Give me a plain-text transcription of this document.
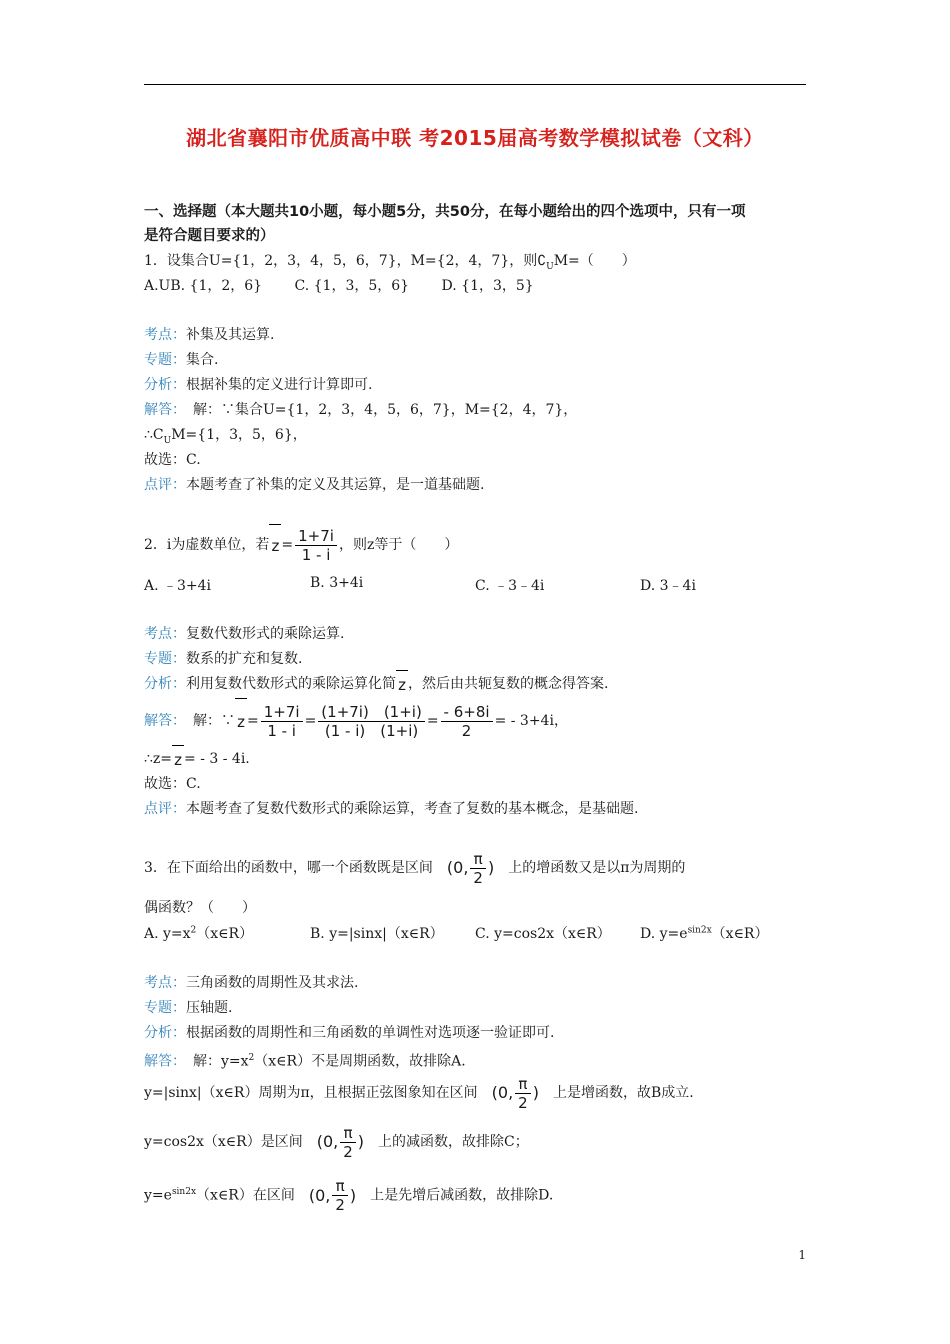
湖北省襄阳市优质高中联 考2015届高考数学模拟试卷（文科）
一、选择题（本大题共10小题，每小题5分，共50分，在每小题给出的四个选项中，只有一项
是符合题目要求的）
1．设集合U={1，2，3，4，5，6，7}，M={2，4，7}，则$∁_UM=$（　　）
A.UB. {1，2，6}　　 C. {1，3，5，6}　　 D. {1，3，5}
考点：补集及其运算.
专题：集合.
分析：根据补集的定义进行计算即可.
解答：　解：∵集合U={1，2，3，4，5，6，7}，M={2，4，7}，
$\therefore C_UM=\{1$，3，5，6}，
故选：C.
点评：本题考查了补集的定义及其运算，是一道基础题.
2．i为虚数单位，若 $z = \frac{1+7i}{1 - i}$ ，则z等于（　　）
A. ﹣3+4i	B. 3+4i	C. ﹣3﹣4i	D. 3﹣4i
考点：复数代数形式的乘除运算.
专题：数系的扩充和复数.
分析：利用复数代数形式的乘除运算化简 z ，然后由共轭复数的概念得答案.
解答：　解：∵ $z = \frac{1+7i}{1 - i} = \frac{(1+7i) (1+i)}{(1 - i) (1+i)} = \frac{- 6+8i}{2}$ = - 3+4i，
∴z= z = - 3 - 4i.
故选：C.
点评：本题考查了复数代数形式的乘除运算，考查了复数的基本概念，是基础题.
3．在下面给出的函数中，哪一个函数既是区间　 (0, $\frac{\pi}{2}$ )　 上的增函数又是以π为周期的
偶函数？（　　）
A. $y=x^2(x\in R)$	B. y=|sinx|（x∈R） C. y=cos2x（x∈R） D. $y=e^{sin2x}(x\in R)$
考点：三角函数的周期性及其求法.
专题：压轴题.
分析：根据函数的周期性和三角函数的单调性对选项逐一验证即可.
解答：　解：$y=x^2(x\in R)$不是周期函数，故排除A.
y=|sinx|（x∈R）周期为π，且根据正弦图象知在区间　 (0, $\frac{\pi}{2}$ )　 上是增函数，故B成立.
y=cos2x（x∈R）是区间　 (0, $\frac{\pi}{2}$ )　 上的减函数，故排除C；
$y=e^{sin2x}(x\in R)$在区间　 (0, $\frac{\pi}{2}$ )　 上是先增后减函数，故排除D.
1
